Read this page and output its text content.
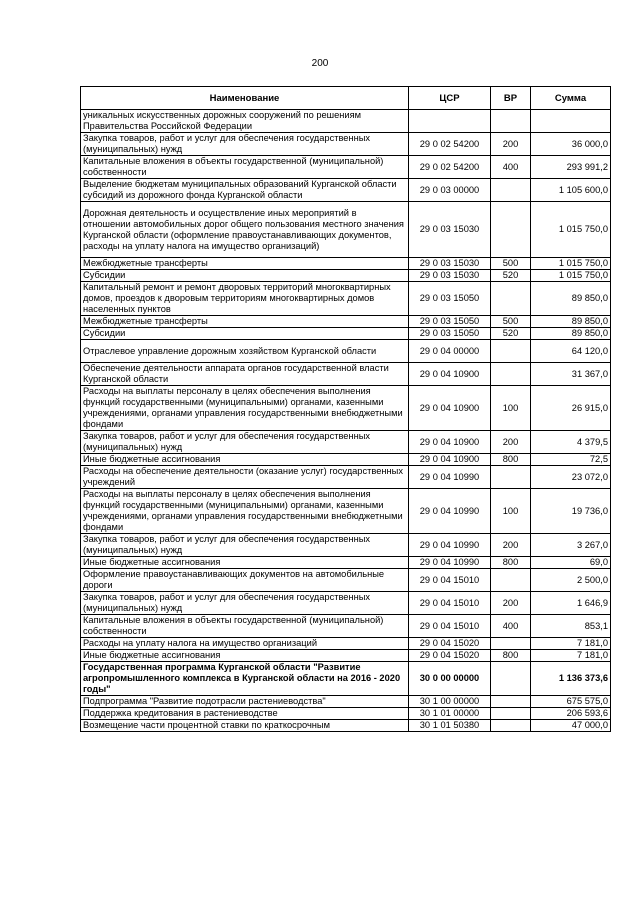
200
Наименование	ЦСР	ВР	Сумма
уникальных искусственных дорожных сооружений по решениям Правительства Российской Федерации			
Закупка товаров, работ и услуг для обеспечения государственных (муниципальных) нужд	29 0 02 54200	200	36 000,0
Капитальные вложения в объекты государственной (муниципальной) собственности	29 0 02 54200	400	293 991,2
Выделение бюджетам муниципальных образований Курганской области субсидий из дорожного фонда Курганской области	29 0 03 00000		1 105 600,0
Дорожная деятельность и осуществление иных мероприятий в отношении автомобильных дорог общего пользования местного значения Курганской области (оформление правоустанавливающих документов, расходы на уплату налога на имущество организаций)	29 0 03 15030		1 015 750,0
Межбюджетные трансферты	29 0 03 15030	500	1 015 750,0
Субсидии	29 0 03 15030	520	1 015 750,0
Капитальный ремонт и ремонт дворовых территорий многоквартирных домов, проездов к дворовым территориям многоквартирных домов населенных пунктов	29 0 03 15050		89 850,0
Межбюджетные трансферты	29 0 03 15050	500	89 850,0
Субсидии	29 0 03 15050	520	89 850,0
Отраслевое управление дорожным хозяйством Курганской области	29 0 04 00000		64 120,0
Обеспечение деятельности аппарата органов государственной власти Курганской области	29 0 04 10900		31 367,0
Расходы на выплаты персоналу в целях обеспечения выполнения функций государственными (муниципальными) органами, казенными учреждениями, органами управления государственными внебюджетными фондами	29 0 04 10900	100	26 915,0
Закупка товаров, работ и услуг для обеспечения государственных (муниципальных) нужд	29 0 04 10900	200	4 379,5
Иные бюджетные ассигнования	29 0 04 10900	800	72,5
Расходы на обеспечение деятельности (оказание услуг) государственных учреждений	29 0 04 10990		23 072,0
Расходы на выплаты персоналу в целях обеспечения выполнения функций государственными (муниципальными) органами, казенными учреждениями, органами управления государственными внебюджетными фондами	29 0 04 10990	100	19 736,0
Закупка товаров, работ и услуг для обеспечения государственных (муниципальных) нужд	29 0 04 10990	200	3 267,0
Иные бюджетные ассигнования	29 0 04 10990	800	69,0
Оформление правоустанавливающих документов на автомобильные дороги	29 0 04 15010		2 500,0
Закупка товаров, работ и услуг для обеспечения государственных (муниципальных) нужд	29 0 04 15010	200	1 646,9
Капитальные вложения в объекты государственной (муниципальной) собственности	29 0 04 15010	400	853,1
Расходы на уплату налога на имущество организаций	29 0 04 15020		7 181,0
Иные бюджетные ассигнования	29 0 04 15020	800	7 181,0
Государственная программа Курганской области "Развитие агропромышленного комплекса в Курганской области на 2016 - 2020 годы"	30 0 00 00000		1 136 373,6
Подпрограмма "Развитие подотрасли растениеводства"	30 1 00 00000		675 575,0
Поддержка кредитования в растениеводстве	30 1 01 00000		206 593,6
Возмещение части процентной ставки по краткосрочным	30 1 01 50380		47 000,0
